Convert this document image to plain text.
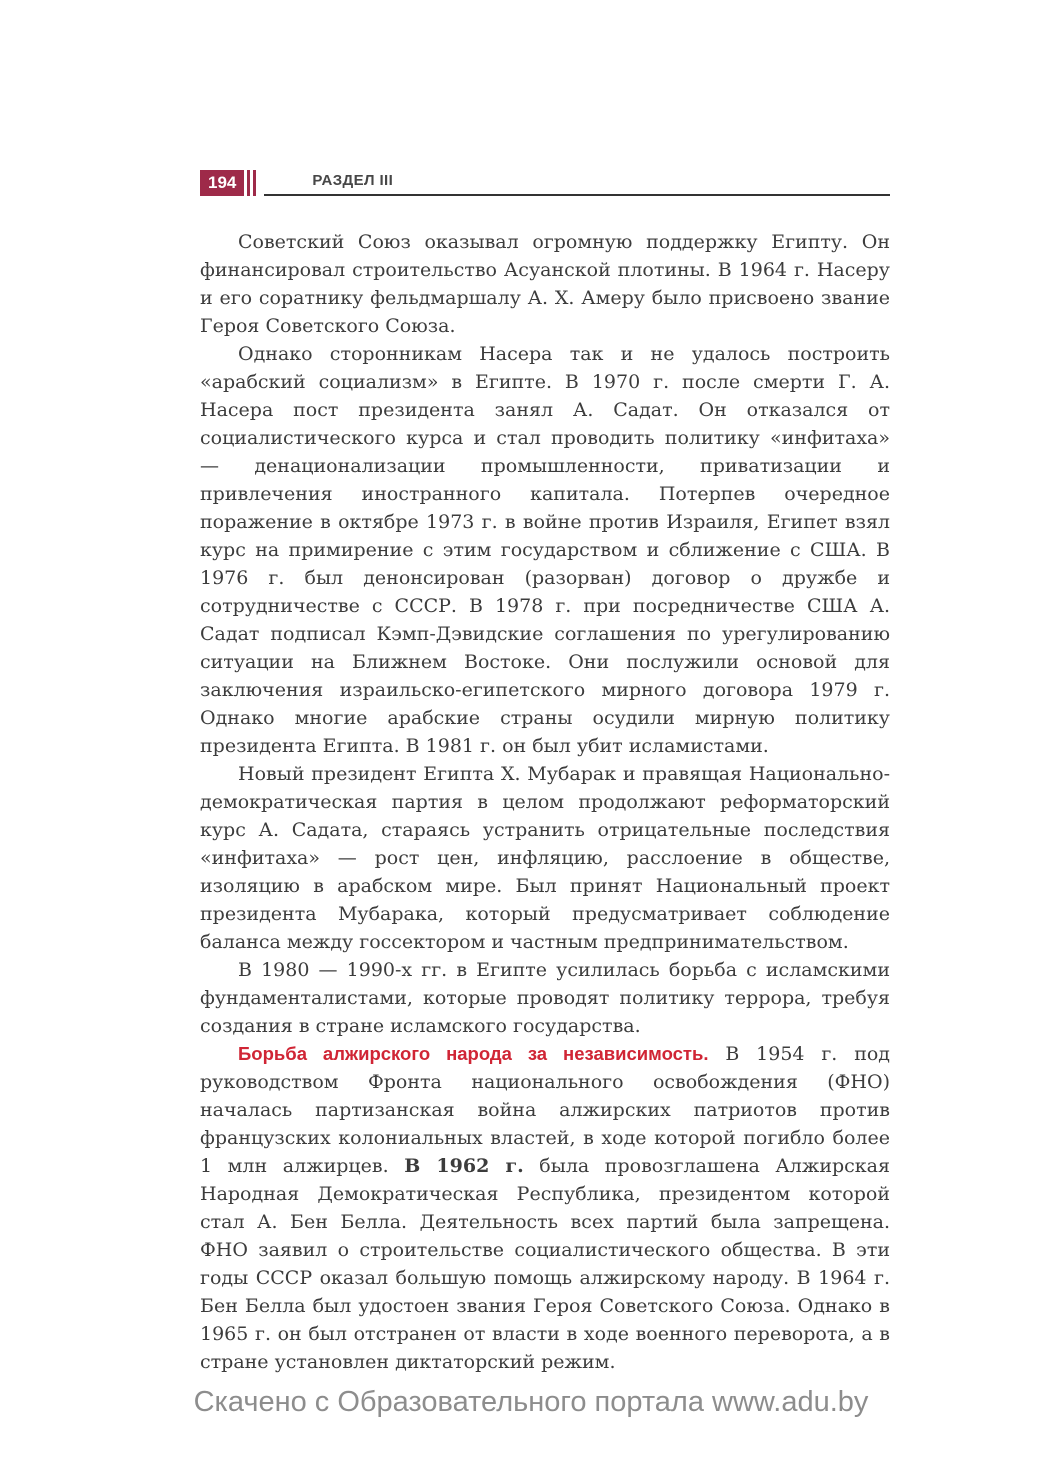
194	РАЗДЕЛ III

Советский Союз оказывал огромную поддержку Египту. Он финансировал строительство Асуанской плотины. В 1964 г. Насеру и его соратнику фельдмаршалу А. Х. Амеру было присвоено звание Героя Советского Союза.

Однако сторонникам Насера так и не удалось построить «арабский социализм» в Египте. В 1970 г. после смерти Г. А. Насера пост президента занял А. Садат. Он отказался от социалистического курса и стал проводить политику «инфитаха» — денационализации промышленности, приватизации и привлечения иностранного капитала. Потерпев очередное поражение в октябре 1973 г. в войне против Израиля, Египет взял курс на примирение с этим государством и сближение с США. В 1976 г. был денонсирован (разорван) договор о дружбе и сотрудничестве с СССР. В 1978 г. при посредничестве США А. Садат подписал Кэмп-Дэвидские соглашения по урегулированию ситуации на Ближнем Востоке. Они послужили основой для заключения израильско-египетского мирного договора 1979 г. Однако многие арабские страны осудили мирную политику президента Египта. В 1981 г. он был убит исламистами.

Новый президент Египта Х. Мубарак и правящая Национально-демократическая партия в целом продолжают реформаторский курс А. Садата, стараясь устранить отрицательные последствия «инфитаха» — рост цен, инфляцию, расслоение в обществе, изоляцию в арабском мире. Был принят Национальный проект президента Мубарака, который предусматривает соблюдение баланса между госсектором и частным предпринимательством.

В 1980 — 1990-х гг. в Египте усилилась борьба с исламскими фундаменталистами, которые проводят политику террора, требуя создания в стране исламского государства.

Борьба алжирского народа за независимость. В 1954 г. под руководством Фронта национального освобождения (ФНО) началась партизанская война алжирских патриотов против французских колониальных властей, в ходе которой погибло более 1 млн алжирцев. В 1962 г. была провозглашена Алжирская Народная Демократическая Республика, президентом которой стал А. Бен Белла. Деятельность всех партий была запрещена. ФНО заявил о строительстве социалистического общества. В эти годы СССР оказал большую помощь алжирскому народу. В 1964 г. Бен Белла был удостоен звания Героя Советского Союза. Однако в 1965 г. он был отстранен от власти в ходе военного переворота, а в стране установлен диктаторский режим.

Скачено с Образовательного портала www.adu.by
